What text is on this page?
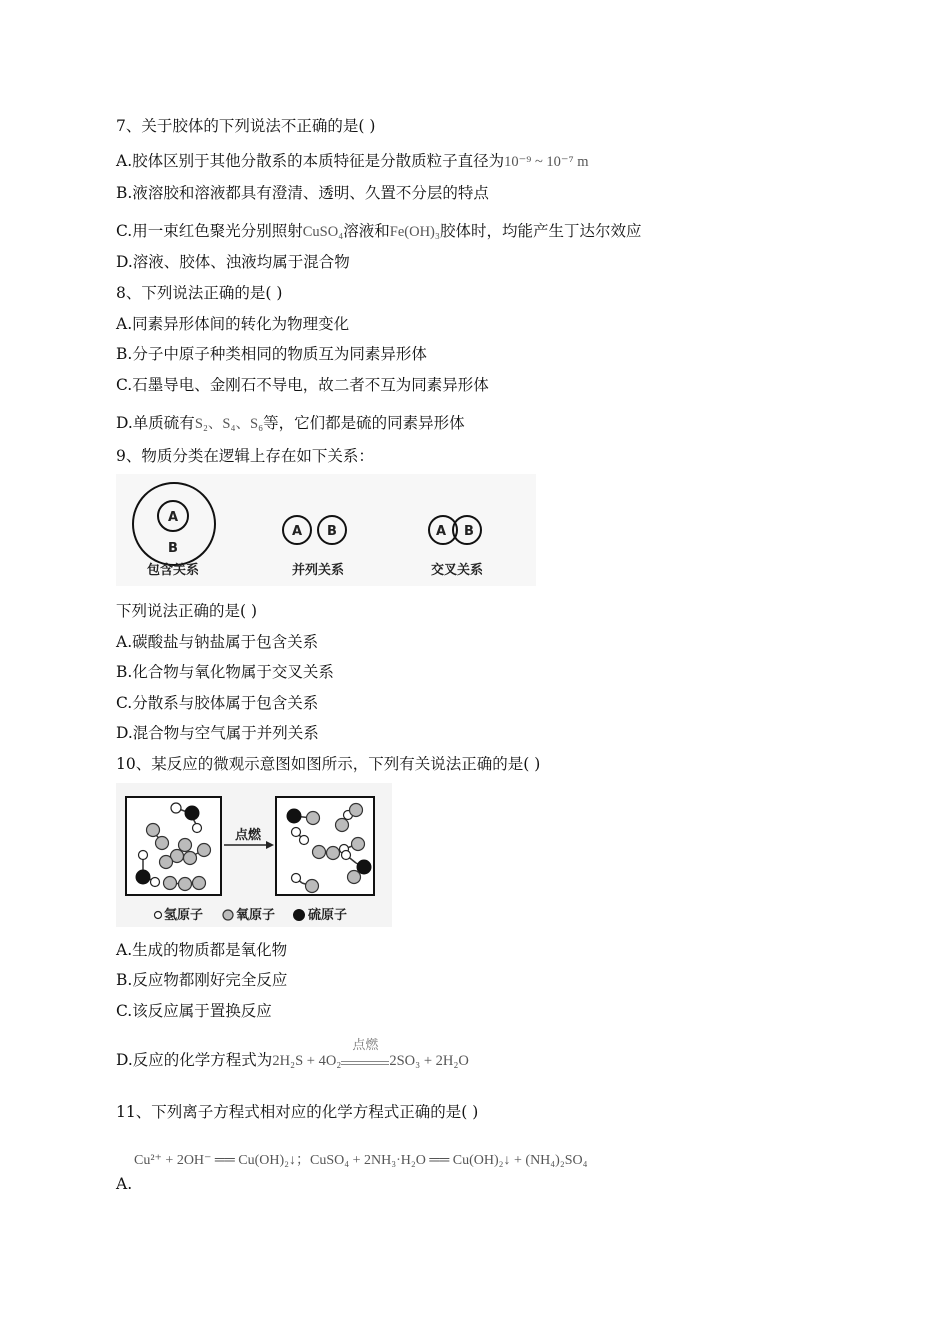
7、关于胶体的下列说法不正确的是( )
A.胶体区别于其他分散系的本质特征是分散质粒子直径为10⁻⁹ ~ 10⁻⁷ m
B.液溶胶和溶液都具有澄清、透明、久置不分层的特点
C.用一束红色聚光分别照射CuSO₄溶液和Fe(OH)₃胶体时，均能产生丁达尔效应
D.溶液、胶体、浊液均属于混合物
8、下列说法正确的是( )
A.同素异形体间的转化为物理变化
B.分子中原子种类相同的物质互为同素异形体
C.石墨导电、金刚石不导电，故二者不互为同素异形体
D.单质硫有S₂、S₄、S₆等，它们都是硫的同素异形体
9、物质分类在逻辑上存在如下关系：
A
B
包含关系
A B
并列关系
A B
交叉关系
下列说法正确的是( )
A.碳酸盐与钠盐属于包含关系
B.化合物与氧化物属于交叉关系
C.分散系与胶体属于包含关系
D.混合物与空气属于并列关系
10、某反应的微观示意图如图所示，下列有关说法正确的是( )
点燃
氢原子	氧原子	硫原子
A.生成的物质都是氧化物
B.反应物都刚好完全反应
C.该反应属于置换反应
D.反应的化学方程式为2H₂S + 4O₂
点燃
2SO₃ + 2H₂O
11、下列离子方程式相对应的化学方程式正确的是( )
Cu²⁺ + 2OH⁻ ══ Cu(OH)₂↓；CuSO₄ + 2NH₃·H₂O ══ Cu(OH)₂↓ + (NH₄)₂SO₄
A.
